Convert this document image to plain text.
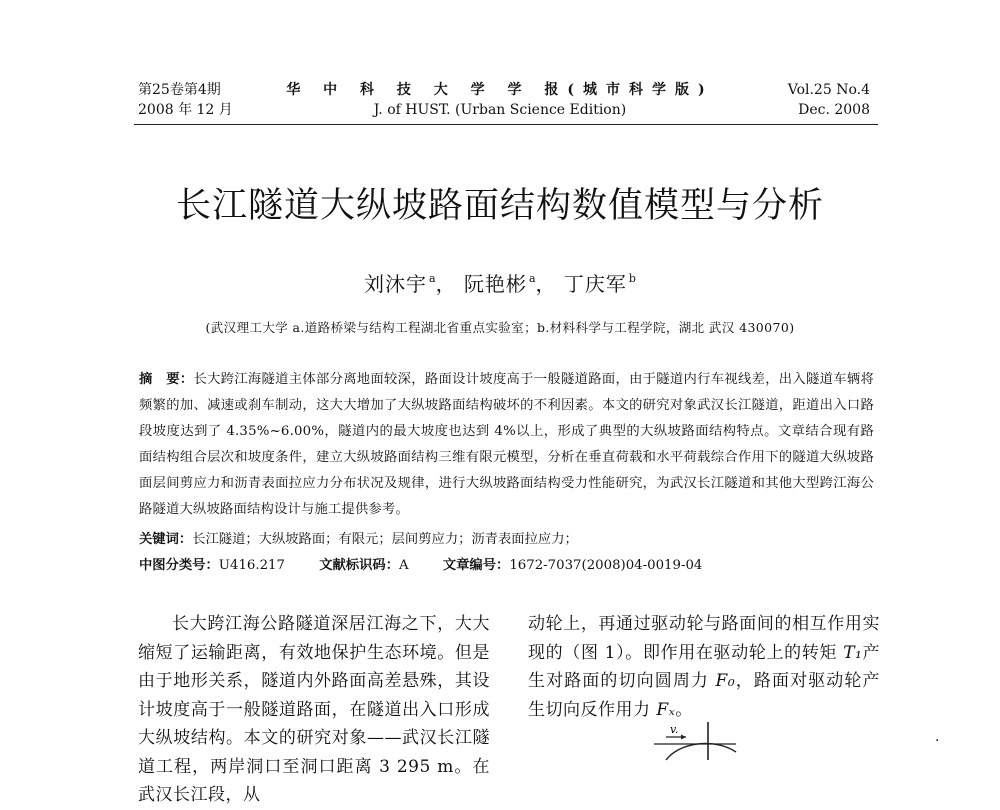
第25卷第4期
2008 年 12 月
华 中 科 技 大 学 学 报(城市科学版)
J. of HUST. (Urban Science Edition)
Vol.25 No.4
Dec. 2008
长江隧道大纵坡路面结构数值模型与分析
刘沐宇 $^a$， 阮艳彬 $^a$， 丁庆军 $^b$
(武汉理工大学 a.道路桥梁与结构工程湖北省重点实验室；b.材料科学与工程学院，湖北 武汉 430070)
摘　要：长大跨江海隧道主体部分离地面较深，路面设计坡度高于一般隧道路面，由于隧道内行车视线差，出入隧道车辆将频繁的加、减速或刹车制动，这大大增加了大纵坡路面结构破坏的不利因素。本文的研究对象武汉长江隧道，距道出入口路段坡度达到了 4.35%~6.00%，隧道内的最大坡度也达到 4%以上，形成了典型的大纵坡路面结构特点。文章结合现有路面结构组合层次和坡度条件，建立大纵坡路面结构三维有限元模型，分析在垂直荷载和水平荷载综合作用下的隧道大纵坡路面层间剪应力和沥青表面拉应力分布状况及规律，进行大纵坡路面结构受力性能研究，为武汉长江隧道和其他大型跨江海公路隧道大纵坡路面结构设计与施工提供参考。
关键词：长江隧道；大纵坡路面；有限元；层间剪应力；沥青表面拉应力；
中图分类号：U416.217	文献标识码：A	文章编号：1672-7037(2008)04-0019-04
长大跨江海公路隧道深居江海之下，大大缩短了运输距离，有效地保护生态环境。但是由于地形关系，隧道内外路面高差悬殊，其设计坡度高于一般隧道路面，在隧道出入口形成大纵坡结构。本文的研究对象——武汉长江隧道工程，两岸洞口至洞口距离 3 295 m。在武汉长江段，从
动轮上，再通过驱动轮与路面间的相互作用实现的（图 1）。即作用在驱动轮上的转矩 T₁产生对路面的切向圆周力 F₀，路面对驱动轮产生切向反作用力 Fₓ。
v.
·
